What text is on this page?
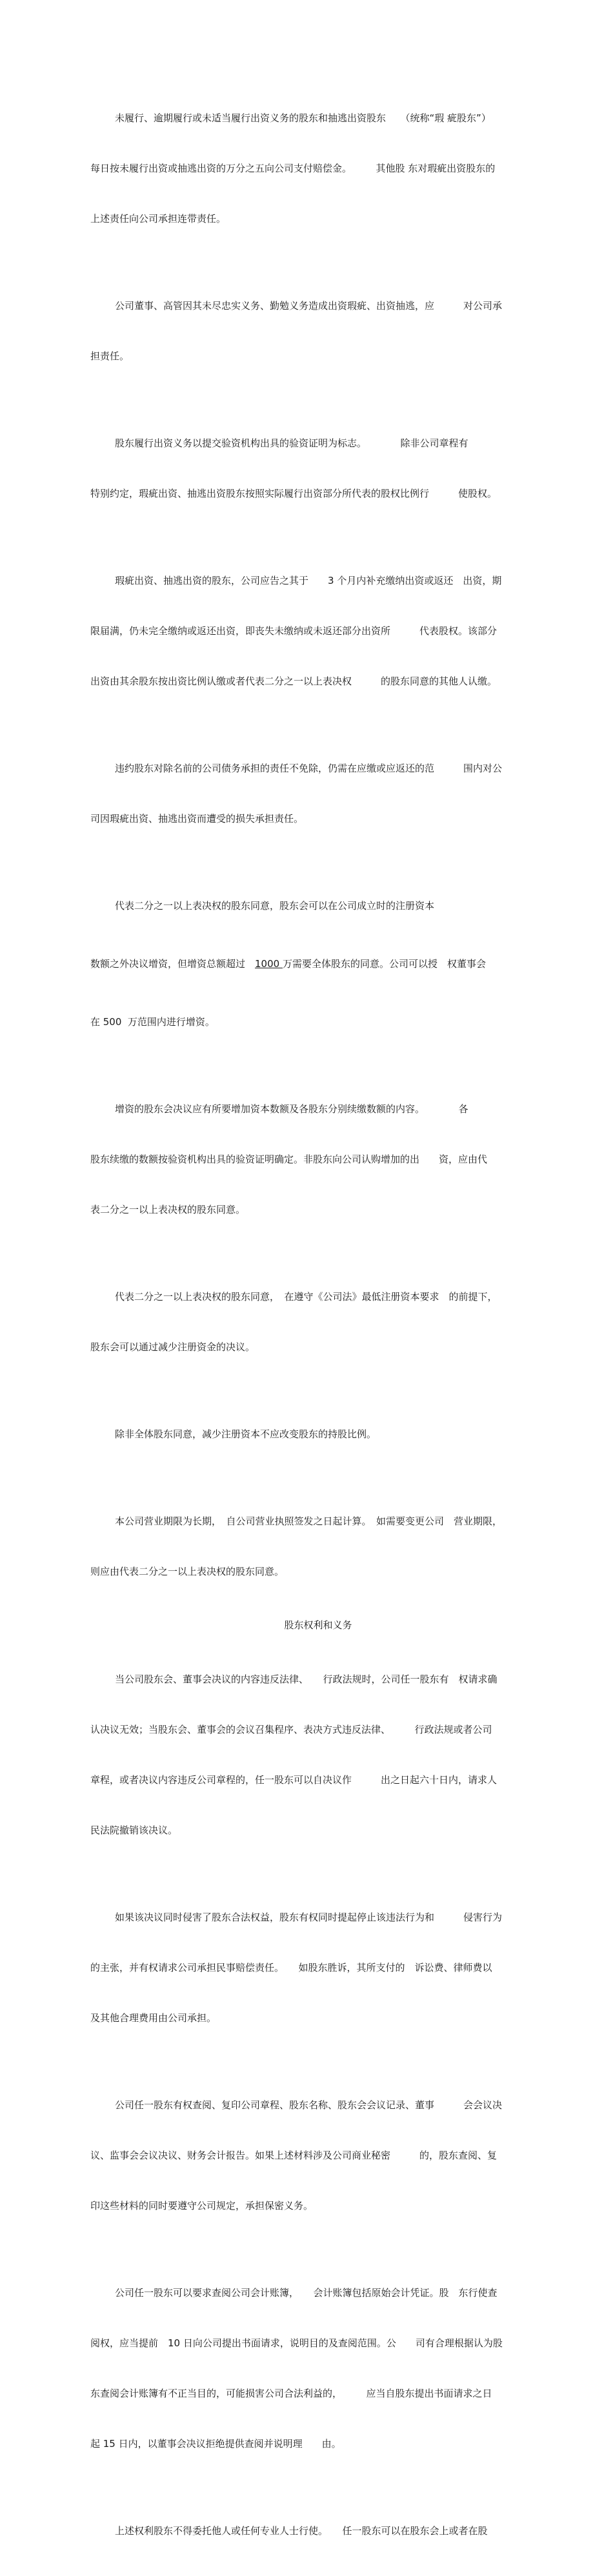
未履行、逾期履行或未适当履行出资义务的股东和抽逃出资股东　　（统称“瑕 疵股东”）

每日按未履行出资或抽逃出资的万分之五向公司支付赔偿金。　　　其他股 东对瑕疵出资股东的

上述责任向公司承担连带责任。

公司董事、高管因其未尽忠实义务、勤勉义务造成出资瑕疵、出资抽逃，应　　　对公司承

担责任。

股东履行出资义务以提交验资机构出具的验资证明为标志。　　　　除非公司章程有

特别约定，瑕疵出资、抽逃出资股东按照实际履行出资部分所代表的股权比例行　　　使股权。

瑕疵出资、抽逃出资的股东，公司应告之其于　　3 个月内补充缴纳出资或返还　出资，期

限届满，仍未完全缴纳或返还出资，即丧失未缴纳或未返还部分出资所　　　代表股权。该部分

出资由其余股东按出资比例认缴或者代表二分之一以上表决权　　　的股东同意的其他人认缴。

违约股东对除名前的公司债务承担的责任不免除，仍需在应缴或应返还的范　　　围内对公

司因瑕疵出资、抽逃出资而遭受的损失承担责任。

代表二分之一以上表决权的股东同意，股东会可以在公司成立时的注册资本

数额之外决议增资，但增资总额超过　1000 万需要全体股东的同意。公司可以授　权董事会

在 500  万范围内进行增资。

增资的股东会决议应有所要增加资本数额及各股东分别续缴数额的内容。　　　　各

股东续缴的数额按验资机构出具的验资证明确定。非股东向公司认购增加的出　　资，应由代

表二分之一以上表决权的股东同意。

代表二分之一以上表决权的股东同意，　在遵守《公司法》最低注册资本要求　的前提下，

股东会可以通过减少注册资金的决议。

除非全体股东同意，减少注册资本不应改变股东的持股比例。

本公司营业期限为长期，　自公司营业执照签发之日起计算。　如需要变更公司　营业期限，

则应由代表二分之一以上表决权的股东同意。

股东权利和义务

当公司股东会、董事会决议的内容违反法律、　　行政法规时，公司任一股东有　权请求确

认决议无效；当股东会、董事会的会议召集程序、表决方式违反法律、　　　行政法规或者公司

章程，或者决议内容违反公司章程的，任一股东可以自决议作　　　出之日起六十日内，请求人

民法院撤销该决议。

如果该决议同时侵害了股东合法权益，股东有权同时提起停止该违法行为和　　　侵害行为

的主张，并有权请求公司承担民事赔偿责任。　　如股东胜诉，其所支付的　诉讼费、律师费以

及其他合理费用由公司承担。

公司任一股东有权查阅、复印公司章程、股东名称、股东会会议记录、董事　　　会会议决

议、监事会会议决议、财务会计报告。如果上述材料涉及公司商业秘密　　　的，股东查阅、复

印这些材料的同时要遵守公司规定，承担保密义务。

公司任一股东可以要求查阅公司会计账簿，　　会计账簿包括原始会计凭证。股　东行使查

阅权，应当提前　10 日向公司提出书面请求，说明目的及查阅范围。公　　司有合理根据认为股

东查阅会计账簿有不正当目的，可能损害公司合法利益的，　　　应当自股东提出书面请求之日

起 15 日内，以董事会决议拒绝提供查阅并说明理　　由。

上述权利股东不得委托他人或任何专业人士行使。　　任一股东可以在股东会上或者在股
